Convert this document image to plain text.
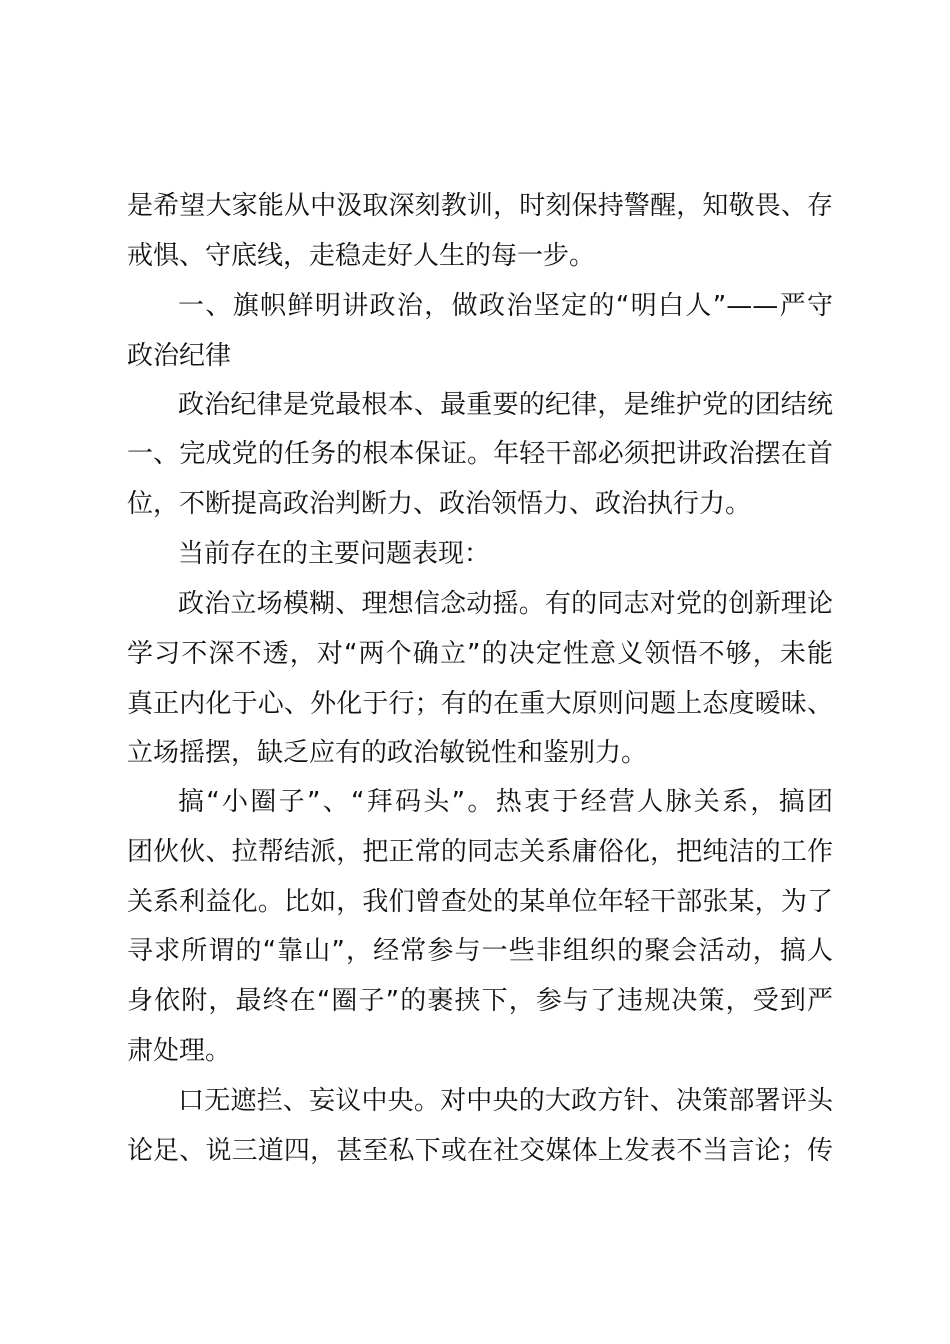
是希望大家能从中汲取深刻教训，时刻保持警醒，知敬畏、存
戒惧、守底线，走稳走好人生的每一步。
一、旗帜鲜明讲政治，做政治坚定的“明白人”——严守
政治纪律
政治纪律是党最根本、最重要的纪律，是维护党的团结统
一、完成党的任务的根本保证。年轻干部必须把讲政治摆在首
位，不断提高政治判断力、政治领悟力、政治执行力。
当前存在的主要问题表现：
政治立场模糊、理想信念动摇。有的同志对党的创新理论
学习不深不透，对“两个确立”的决定性意义领悟不够，未能
真正内化于心、外化于行；有的在重大原则问题上态度暧昧、
立场摇摆，缺乏应有的政治敏锐性和鉴别力。
搞“小圈子”、“拜码头”。热衷于经营人脉关系，搞团
团伙伙、拉帮结派，把正常的同志关系庸俗化，把纯洁的工作
关系利益化。比如，我们曾查处的某单位年轻干部张某，为了
寻求所谓的“靠山”，经常参与一些非组织的聚会活动，搞人
身依附，最终在“圈子”的裹挟下，参与了违规决策，受到严
肃处理。
口无遮拦、妄议中央。对中央的大政方针、决策部署评头
论足、说三道四，甚至私下或在社交媒体上发表不当言论；传
